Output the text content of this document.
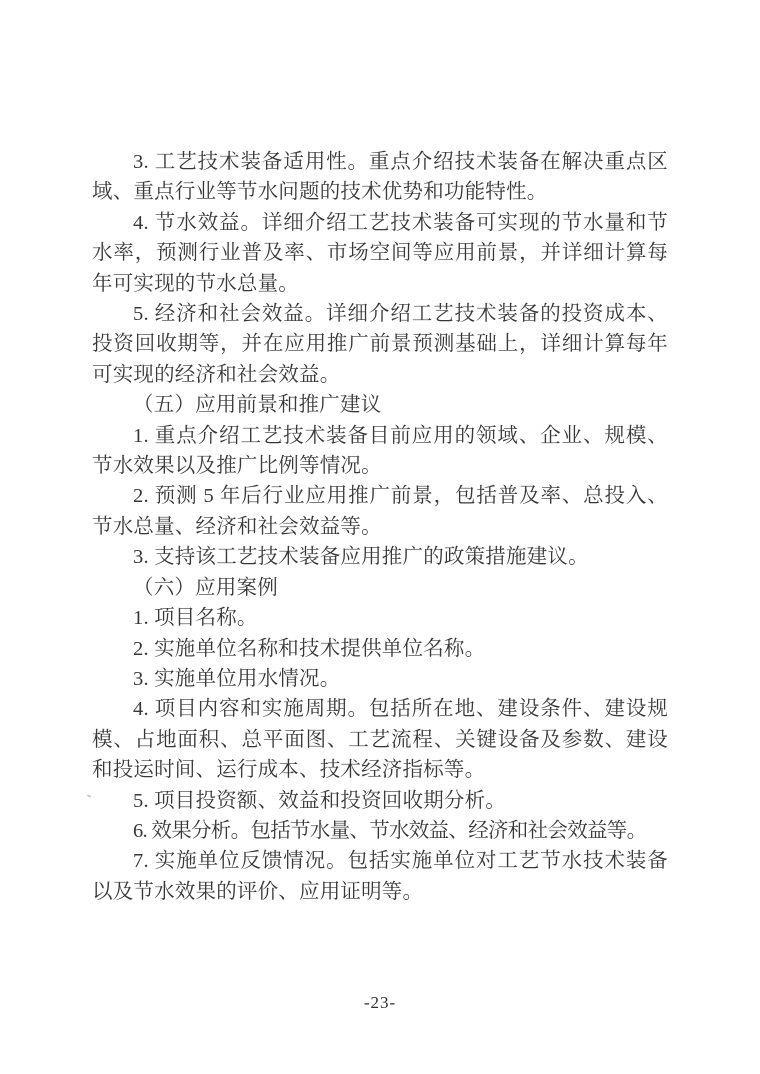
3. 工艺技术装备适用性。重点介绍技术装备在解决重点区域、重点行业等节水问题的技术优势和功能特性。

4. 节水效益。详细介绍工艺技术装备可实现的节水量和节水率，预测行业普及率、市场空间等应用前景，并详细计算每年可实现的节水总量。

5. 经济和社会效益。详细介绍工艺技术装备的投资成本、投资回收期等，并在应用推广前景预测基础上，详细计算每年可实现的经济和社会效益。

（五）应用前景和推广建议

1. 重点介绍工艺技术装备目前应用的领域、企业、规模、节水效果以及推广比例等情况。

2. 预测 5 年后行业应用推广前景，包括普及率、总投入、节水总量、经济和社会效益等。

3. 支持该工艺技术装备应用推广的政策措施建议。

（六）应用案例

1. 项目名称。

2. 实施单位名称和技术提供单位名称。

3. 实施单位用水情况。

4. 项目内容和实施周期。包括所在地、建设条件、建设规模、占地面积、总平面图、工艺流程、关键设备及参数、建设和投运时间、运行成本、技术经济指标等。

5. 项目投资额、效益和投资回收期分析。

6. 效果分析。包括节水量、节水效益、经济和社会效益等。

7. 实施单位反馈情况。包括实施单位对工艺节水技术装备以及节水效果的评价、应用证明等。

-23-
